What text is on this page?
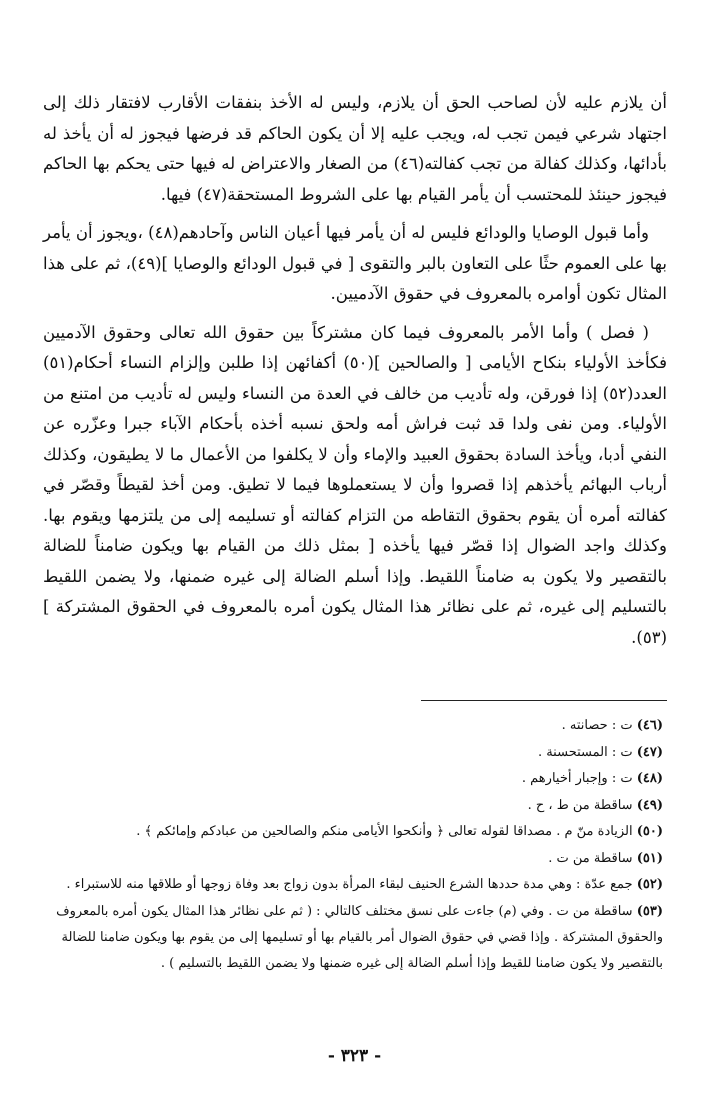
أن يلازم عليه لأن لصاحب الحق أن يلازم، وليس له الأخذ بنفقات الأقارب لافتقار ذلك إلى اجتهاد شرعي فيمن تجب له، ويجب عليه إلا أن يكون الحاكم قد فرضها فيجوز له أن يأخذ له بأدائها، وكذلك كفالة من تجب كفالته(٤٦) من الصغار والاعتراض له فيها حتى يحكم بها الحاكم فيجوز حينئذ للمحتسب أن يأمر القيام بها على الشروط المستحقة(٤٧) فيها.

وأما قبول الوصايا والودائع فليس له أن يأمر فيها أعيان الناس وآحادهم(٤٨) ،ويجوز أن يأمر بها على العموم حثًا على التعاون بالبر والتقوى [ في قبول الودائع والوصايا ](٤٩)، ثم على هذا المثال تكون أوامره بالمعروف في حقوق الآدميين.

( فصل ) وأما الأمر بالمعروف فيما كان مشتركاً بين حقوق الله تعالى وحقوق الآدميين فكأخذ الأولياء بنكاح الأيامى [ والصالحين ](٥٠) أكفائهن إذا طلبن وإلزام النساء أحكام(٥١) العدد(٥٢) إذا فورقن، وله تأديب من خالف في العدة من النساء وليس له تأديب من امتنع من الأولياء. ومن نفى ولدا قد ثبت فراش أمه ولحق نسبه أخذه بأحكام الآباء جبرا وعزّره عن النفي أدبا، ويأخذ السادة بحقوق العبيد والإماء وأن لا يكلفوا من الأعمال ما لا يطيقون، وكذلك أرباب البهائم يأخذهم إذا قصروا وأن لا يستعملوها فيما لا تطيق. ومن أخذ لقيطاً وقصّر في كفالته أمره أن يقوم بحقوق التقاطه من التزام كفالته أو تسليمه إلى من يلتزمها ويقوم بها. وكذلك واجد الضوال إذا قصّر فيها يأخذه [ بمثل ذلك من القيام بها ويكون ضامناً للضالة بالتقصير ولا يكون به ضامناً اللقيط. وإذا أسلم الضالة إلى غيره ضمنها، ولا يضمن اللقيط بالتسليم إلى غيره، ثم على نظائر هذا المثال يكون أمره بالمعروف في الحقوق المشتركة ](٥٣).

(٤٦) ت : حصانته .
(٤٧) ت : المستحسنة .
(٤٨) ت : وإجبار أخيارهم .
(٤٩) ساقطة من ط ، ح .
(٥٠) الزيادة منّ م . مصداقا لقوله تعالى ﴿ وأنكحوا الأيامى منكم والصالحين من عبادكم وإمائكم ﴾ .
(٥١) ساقطة من ت .
(٥٢) جمع عدّة : وهي مدة حددها الشرع الحنيف لبقاء المرأة بدون زواج بعد وفاة زوجها أو طلاقها منه للاستبراء .
(٥٣) ساقطة من ت . وفي (م) جاءت على نسق مختلف كالتالي : ( ثم على نظائر هذا المثال يكون أمره بالمعروف والحقوق المشتركة . وإذا قضي في حقوق الضوال أمر بالقيام بها أو تسليمها إلى من يقوم بها ويكون ضامنا للضالة بالتقصير ولا يكون ضامنا للقيط وإذا أسلم الضالة إلى غيره ضمنها ولا يضمن اللقيط بالتسليم ) .
- ٣٢٣ -
